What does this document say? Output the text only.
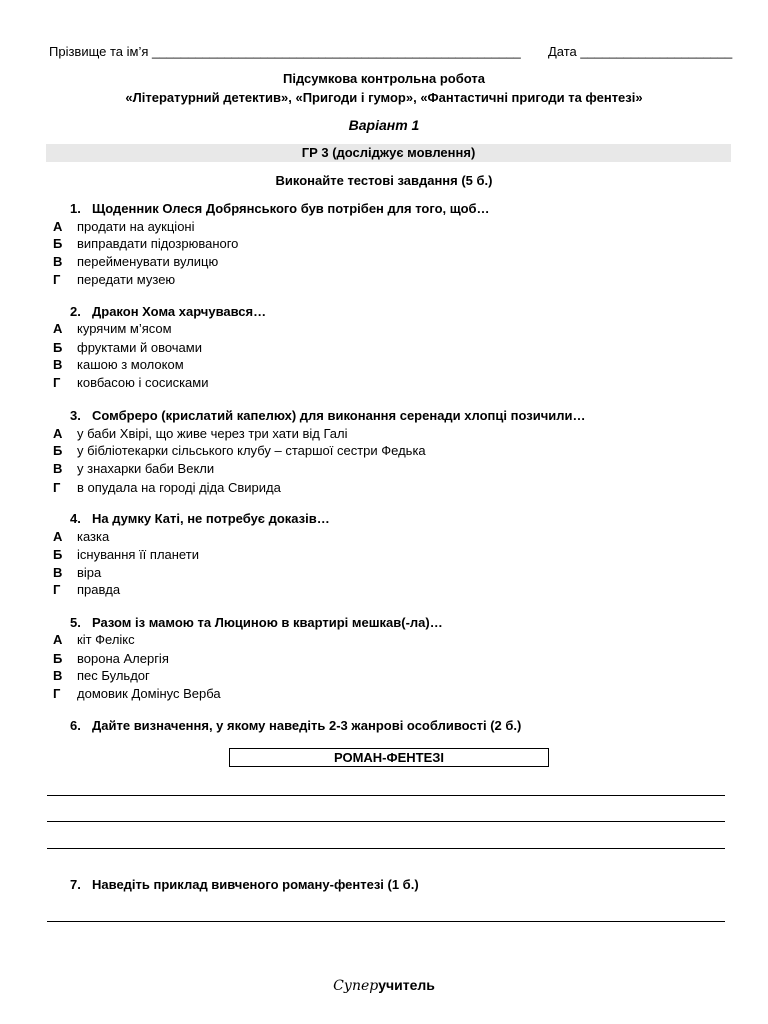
Прізвище та ім’я ___________________________________________________ Дата _____________________
Підсумкова контрольна робота
«Літературний детектив», «Пригоди і гумор», «Фантастичні пригоди та фентезі»
Варіант 1
ГР 3 (досліджує мовлення)
Виконайте тестові завдання (5 б.)
1. Щоденник Олеся Добрянського був потрібен для того, щоб…
А продати на аукціоні
Б виправдати підозрюваного
В перейменувати вулицю
Г передати музею
2. Дракон Хома харчувався…
А курячим м’ясом
Б фруктами й овочами
В кашою з молоком
Г ковбасою і сосисками
3. Сомбреро (крислатий капелюх) для виконання серенади хлопці позичили…
А у баби Хвірі, що живе через три хати від Галі
Б у бібліотекарки сільського клубу – старшої сестри Федька
В у знахарки баби Векли
Г в опудала на городі діда Свирида
4. На думку Каті, не потребує доказів…
А казка
Б існування її планети
В віра
Г правда
5. Разом із мамою та Люциною в квартирі мешкав(-ла)…
А кіт Фелікс
Б ворона Алергія
В пес Бульдог
Г домовик Домінус Верба
6. Дайте визначення, у якому наведіть 2-3 жанрові особливості (2 б.)
РОМАН-ФЕНТЕЗІ
7. Наведіть приклад вивченого роману-фентезі (1 б.)
Суперучитель
